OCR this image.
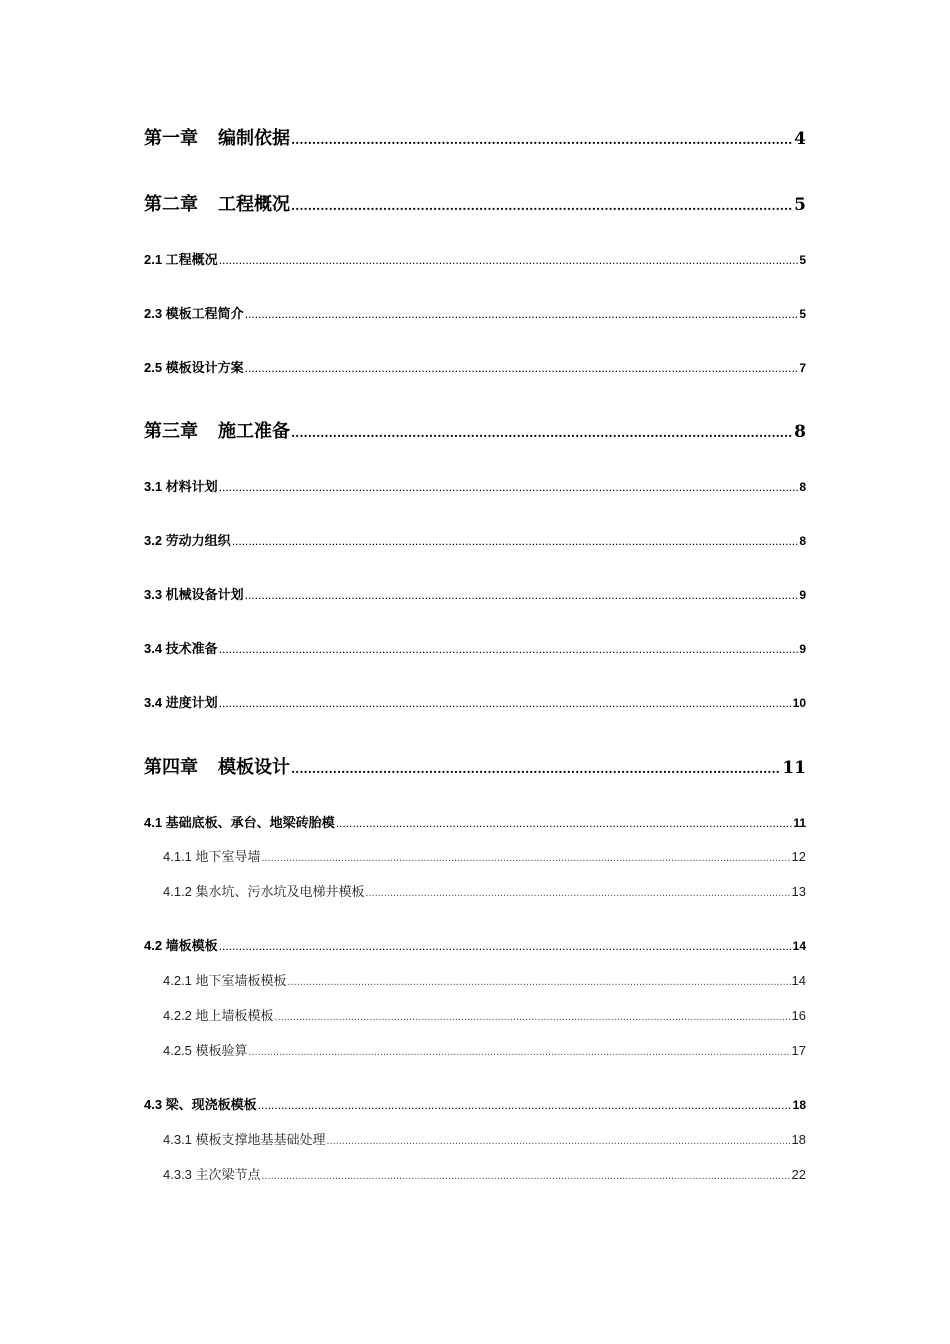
第一章 编制依据 .....	4
第二章 工程概况 .....	5
2.1 工程概况 .....	5
2.3 模板工程简介 .....	5
2.5 模板设计方案 .....	7
第三章 施工准备 .....	8
3.1 材料计划 .....	8
3.2 劳动力组织 .....	8
3.3 机械设备计划 .....	9
3.4 技术准备 .....	9
3.4 进度计划 .....	10
第四章 模板设计 .....	11
4.1 基础底板、承台、地梁砖胎模 .....	11
4.1.1 地下室导墙 .....	12
4.1.2 集水坑、污水坑及电梯井模板 .....	13
4.2 墙板模板 .....	14
4.2.1 地下室墙板模板 .....	14
4.2.2 地上墙板模板 .....	16
4.2.5 模板验算 .....	17
4.3 梁、现浇板模板 .....	18
4.3.1 模板支撑地基基础处理 .....	18
4.3.3 主次梁节点 .....	22
